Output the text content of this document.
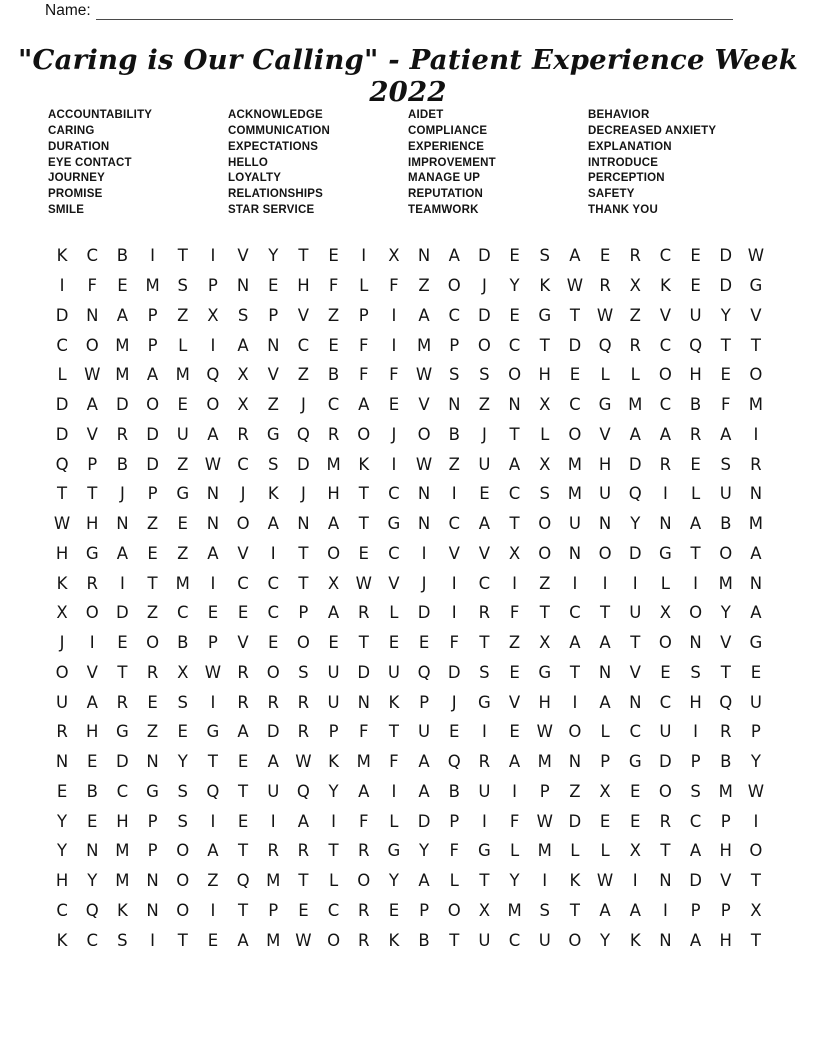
Name:
"Caring is Our Calling" - Patient Experience Week 2022
ACCOUNTABILITY
CARING
DURATION
EYE CONTACT
JOURNEY
PROMISE
SMILE
ACKNOWLEDGE
COMMUNICATION
EXPECTATIONS
HELLO
LOYALTY
RELATIONSHIPS
STAR SERVICE
AIDET
COMPLIANCE
EXPERIENCE
IMPROVEMENT
MANAGE UP
REPUTATION
TEAMWORK
BEHAVIOR
DECREASED ANXIETY
EXPLANATION
INTRODUCE
PERCEPTION
SAFETY
THANK YOU
K	C	B	I	T	I	V	Y	T	E	I	X	N	A	D	E	S	A	E	R	C	E	D W
I	F	E	M	S	P	N	E	H	F	L	F	Z	O	J	Y	K	W R	X	K	E	D	G
D	N	A	P	Z	X	S	P	V	Z	P	I	A	C	D	E	G	T	W Z	V	U	Y	V
C	O	M	P	L	I	A	N	C	E	F	I	M	P	O	C	T	D	Q	R	C	Q	T	T
L	W M	A	M	Q	X	V	Z	B	F	F	W	S	S	O	H	E	L	L	O	H	E	O
D	A	D	O	E	O	X	Z	J	C	A	E	V	N	Z	N	X	C	G	M	C	B	F	M
D	V	R	D	U	A	R	G	Q	R	O	J	O	B	J	T	L	O	V	A	A	R	A	I
Q	P	B	D	Z W C	S	D	M	K	I	W Z	U	A	X	M	H	D	R	E	S	R
T	T	J	P	G	N	J	K	J	H	T	C	N	I	E	C	S	M	U	Q	I	L	U	N
W H	N	Z	E	N	O	A	N	A	T	G	N	C	A	T	O	U	N	Y	N	A	B	M
H	G	A	E	Z	A	V	I	T	O	E	C	I	V	V	X	O	N	O	D	G	T	O	A
K	R	I	T	M	I	C	C	T	X W V	J	I	C	I	Z	I	I	I	L	I	M	N
X	O	D	Z	C	E	E	C	P	A	R	L	D	I	R	F	T	C	T	U	X	O	Y	A
J	I	E	O	B	P	V	E	O	E	T	E	E	F	T	Z	X	A	A	T	O	N	V	G
O	V	T	R	X W R	O	S	U	D	U	Q	D	S	E	G	T	N	V	E	S	T	E
U	A	R	E	S	I	R	R	R	U	N	K	P	J	G	V	H	I	A	N	C	H	Q	U
R	H	G	Z	E	G	A	D	R	P	F	T	U	E	I	E	W O	L	C	U	I	R	P
N	E	D	N	Y	T	E	A W	K	M	F	A	Q	R	A	M	N	P	G	D	P	B	Y
E	B	C	G	S	Q	T	U	Q	Y	A	I	A	B	U	I	P	Z	X	E	O	S	M W
Y	E	H	P	S	I	E	I	A	I	F	L	D	P	I	F	W D	E	E	R	C	P	I
Y	N	M	P	O	A	T	R	R	T	R	G	Y	F	G	L	M	L	L	X	T	A	H	O
H	Y	M	N	O	Z	Q	M	T	L	O	Y	A	L	T	Y	I	K	W	I	N	D	V	T
C	Q	K	N	O	I	T	P	E	C	R	E	P	O	X	M	S	T	A	A	I	P	P	X
K	C	S	I	T	E	A	M W O	R	K	B	T	U	C	U	O	Y	K	N	A	H	T
